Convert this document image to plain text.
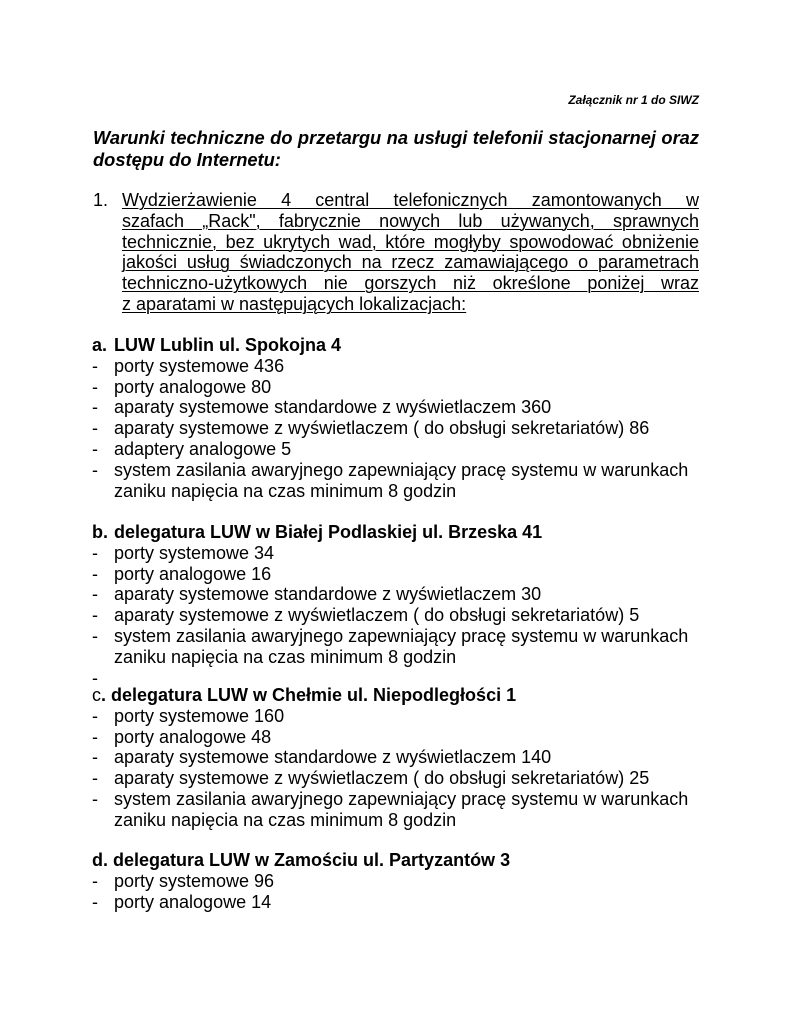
Załącznik nr 1 do SIWZ
Warunki techniczne do przetargu na usługi telefonii stacjonarnej oraz
dostępu do Internetu:
1. Wydzierżawienie 4 central telefonicznych zamontowanych w
szafach „Rack", fabrycznie nowych lub używanych, sprawnych
technicznie, bez ukrytych wad, które mogłyby spowodować obniżenie
jakości usług świadczonych na rzecz zamawiającego o parametrach
techniczno-użytkowych nie gorszych niż określone poniżej wraz
z aparatami w następujących lokalizacjach:
a. LUW Lublin ul. Spokojna 4
- porty systemowe 436
- porty analogowe 80
- aparaty systemowe standardowe z wyświetlaczem 360
- aparaty systemowe z wyświetlaczem ( do obsługi sekretariatów) 86
- adaptery analogowe 5
- system zasilania awaryjnego zapewniający pracę systemu w warunkach
zaniku napięcia na czas minimum 8 godzin
b. delegatura LUW w Białej Podlaskiej ul. Brzeska 41
- porty systemowe 34
- porty analogowe 16
- aparaty systemowe standardowe z wyświetlaczem 30
- aparaty systemowe z wyświetlaczem ( do obsługi sekretariatów) 5
- system zasilania awaryjnego zapewniający pracę systemu w warunkach
zaniku napięcia na czas minimum 8 godzin
-
c. delegatura LUW w Chełmie ul. Niepodległości 1
- porty systemowe 160
- porty analogowe 48
- aparaty systemowe standardowe z wyświetlaczem 140
- aparaty systemowe z wyświetlaczem ( do obsługi sekretariatów) 25
- system zasilania awaryjnego zapewniający pracę systemu w warunkach
zaniku napięcia na czas minimum 8 godzin
d. delegatura LUW w Zamościu ul. Partyzantów 3
- porty systemowe 96
- porty analogowe 14
